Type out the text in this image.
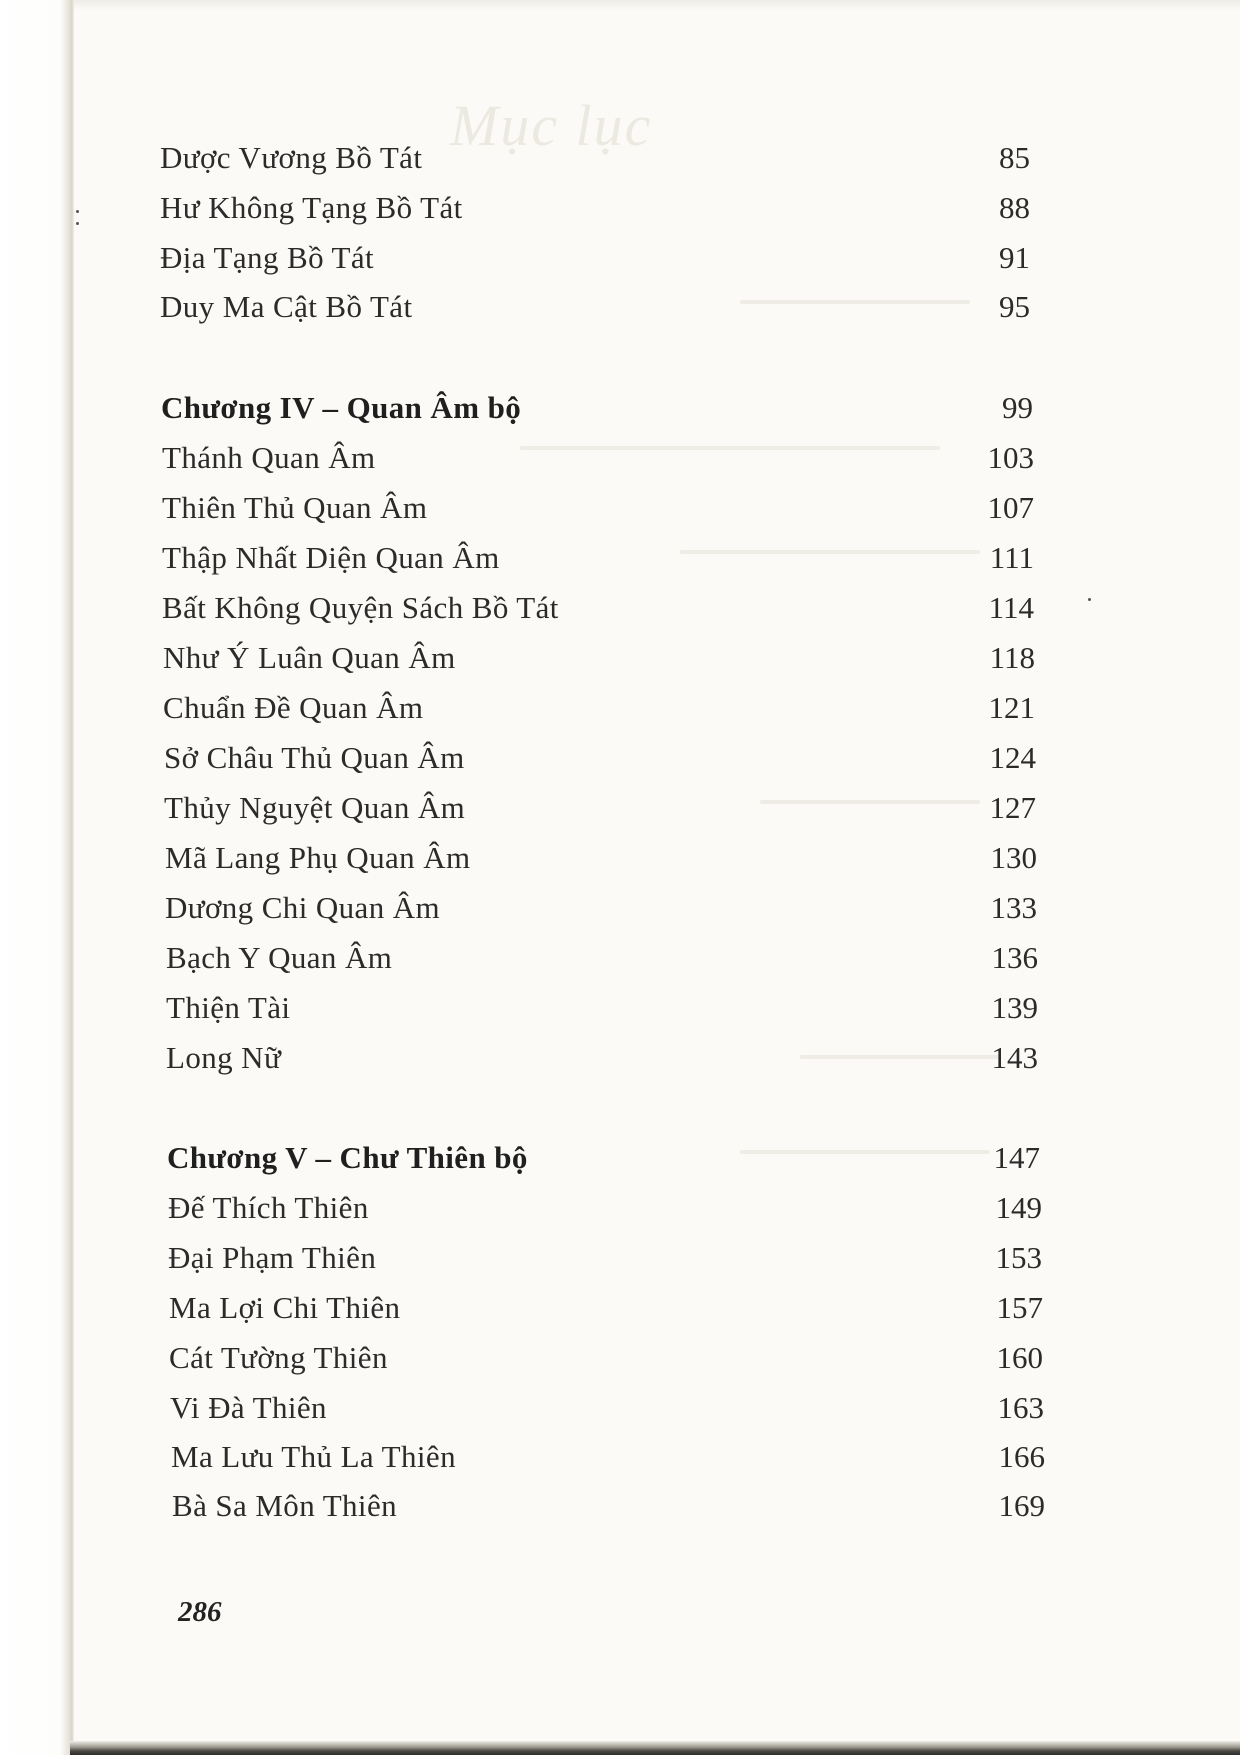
Mục lục
Dược Vương Bồ Tát	85
Hư Không Tạng Bồ Tát	88
Địa Tạng Bồ Tát	91
Duy Ma Cật Bồ Tát	95
Chương IV – Quan Âm bộ	99
Thánh Quan Âm	103
Thiên Thủ Quan Âm	107
Thập Nhất Diện Quan Âm	111
Bất Không Quyện Sách Bồ Tát	114
Như Ý Luân Quan Âm	118
Chuẩn Đề Quan Âm	121
Sở Châu Thủ Quan Âm	124
Thủy Nguyệt Quan Âm	127
Mã Lang Phụ Quan Âm	130
Dương Chi Quan Âm	133
Bạch Y Quan Âm	136
Thiện Tài	139
Long Nữ	143
Chương V – Chư Thiên bộ	147
Đế Thích Thiên	149
Đại Phạm Thiên	153
Ma Lợi Chi Thiên	157
Cát Tường Thiên	160
Vi Đà Thiên	163
Ma Lưu Thủ La Thiên	166
Bà Sa Môn Thiên	169
286
